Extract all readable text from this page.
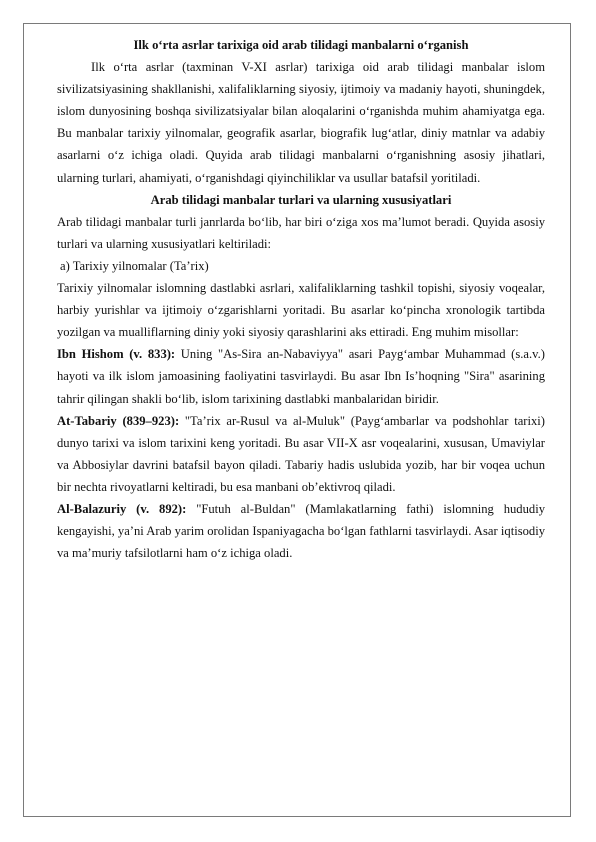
Ilk o‘rta asrlar tarixiga oid arab tilidagi manbalarni o‘rganish

Ilk o‘rta asrlar (taxminan V-XI asrlar) tarixiga oid arab tilidagi manbalar islom sivilizatsiyasining shakllanishi, xalifaliklarning siyosiy, ijtimoiy va madaniy hayoti, shuningdek, islom dunyosining boshqa sivilizatsiyalar bilan aloqalarini o‘rganishda muhim ahamiyatga ega. Bu manbalar tarixiy yilnomalar, geografik asarlar, biografik lug‘atlar, diniy matnlar va adabiy asarlarni o‘z ichiga oladi. Quyida arab tilidagi manbalarni o‘rganishning asosiy jihatlari, ularning turlari, ahamiyati, o‘rganishdagi qiyinchiliklar va usullar batafsil yoritiladi.

Arab tilidagi manbalar turlari va ularning xususiyatlari

Arab tilidagi manbalar turli janrlarda bo‘lib, har biri o‘ziga xos ma’lumot beradi. Quyida asosiy turlari va ularning xususiyatlari keltiriladi:

a) Tarixiy yilnomalar (Ta’rix)

Tarixiy yilnomalar islomning dastlabki asrlari, xalifaliklarning tashkil topishi, siyosiy voqealar, harbiy yurishlar va ijtimoiy o‘zgarishlarni yoritadi. Bu asarlar ko‘pincha xronologik tartibda yozilgan va mualliflarning diniy yoki siyosiy qarashlarini aks ettiradi. Eng muhim misollar:

Ibn Hishom (v. 833): Uning "As-Sira an-Nabaviyya" asari Payg‘ambar Muhammad (s.a.v.) hayoti va ilk islom jamoasining faoliyatini tasvirlaydi. Bu asar Ibn Is’hoqning "Sira" asarining tahrir qilingan shakli bo‘lib, islom tarixining dastlabki manbalaridan biridir.

At-Tabariy (839–923): "Ta’rix ar-Rusul va al-Muluk" (Payg‘ambarlar va podshohlar tarixi) dunyo tarixi va islom tarixini keng yoritadi. Bu asar VII-X asr voqealarini, xususan, Umaviylar va Abbosiylar davrini batafsil bayon qiladi. Tabariy hadis uslubida yozib, har bir voqea uchun bir nechta rivoyatlarni keltiradi, bu esa manbani ob’ektivroq qiladi.

Al-Balazuriy (v. 892): "Futuh al-Buldan" (Mamlakatlarning fathi) islomning hududiy kengayishi, ya’ni Arab yarim orolidan Ispaniyagacha bo‘lgan fathlarni tasvirlaydi. Asar iqtisodiy va ma’muriy tafsilotlarni ham o‘z ichiga oladi.
